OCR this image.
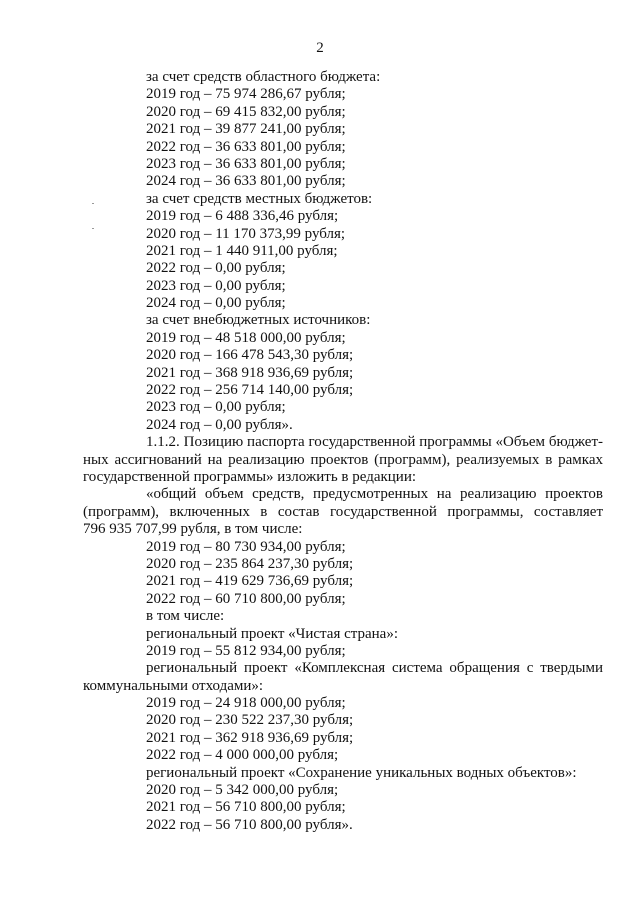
2
за счет средств областного бюджета:
2019 год – 75 974 286,67 рубля;
2020 год – 69 415 832,00 рубля;
2021 год – 39 877 241,00 рубля;
2022 год – 36 633 801,00 рубля;
2023 год – 36 633 801,00 рубля;
2024 год – 36 633 801,00 рубля;
за счет средств местных бюджетов:
2019 год – 6 488 336,46 рубля;
2020 год – 11 170 373,99 рубля;
2021 год – 1 440 911,00 рубля;
2022 год – 0,00 рубля;
2023 год – 0,00 рубля;
2024 год – 0,00 рубля;
за счет внебюджетных источников:
2019 год – 48 518 000,00 рубля;
2020 год – 166 478 543,30 рубля;
2021 год – 368 918 936,69 рубля;
2022 год – 256 714 140,00 рубля;
2023 год – 0,00 рубля;
2024 год – 0,00 рубля».
1.1.2. Позицию паспорта государственной программы «Объем бюджет-
ных ассигнований на реализацию проектов (программ), реализуемых в рамках
государственной программы» изложить в редакции:
«общий объем средств, предусмотренных на реализацию проектов
(программ), включенных в состав государственной программы, составляет
796 935 707,99 рубля, в том числе:
2019 год – 80 730 934,00 рубля;
2020 год – 235 864 237,30 рубля;
2021 год – 419 629 736,69 рубля;
2022 год – 60 710 800,00 рубля;
в том числе:
региональный проект «Чистая страна»:
2019 год – 55 812 934,00 рубля;
региональный проект «Комплексная система обращения с твердыми
коммунальными отходами»:
2019 год – 24 918 000,00 рубля;
2020 год – 230 522 237,30 рубля;
2021 год – 362 918 936,69 рубля;
2022 год – 4 000 000,00 рубля;
региональный проект «Сохранение уникальных водных объектов»:
2020 год – 5 342 000,00 рубля;
2021 год – 56 710 800,00 рубля;
2022 год – 56 710 800,00 рубля».
